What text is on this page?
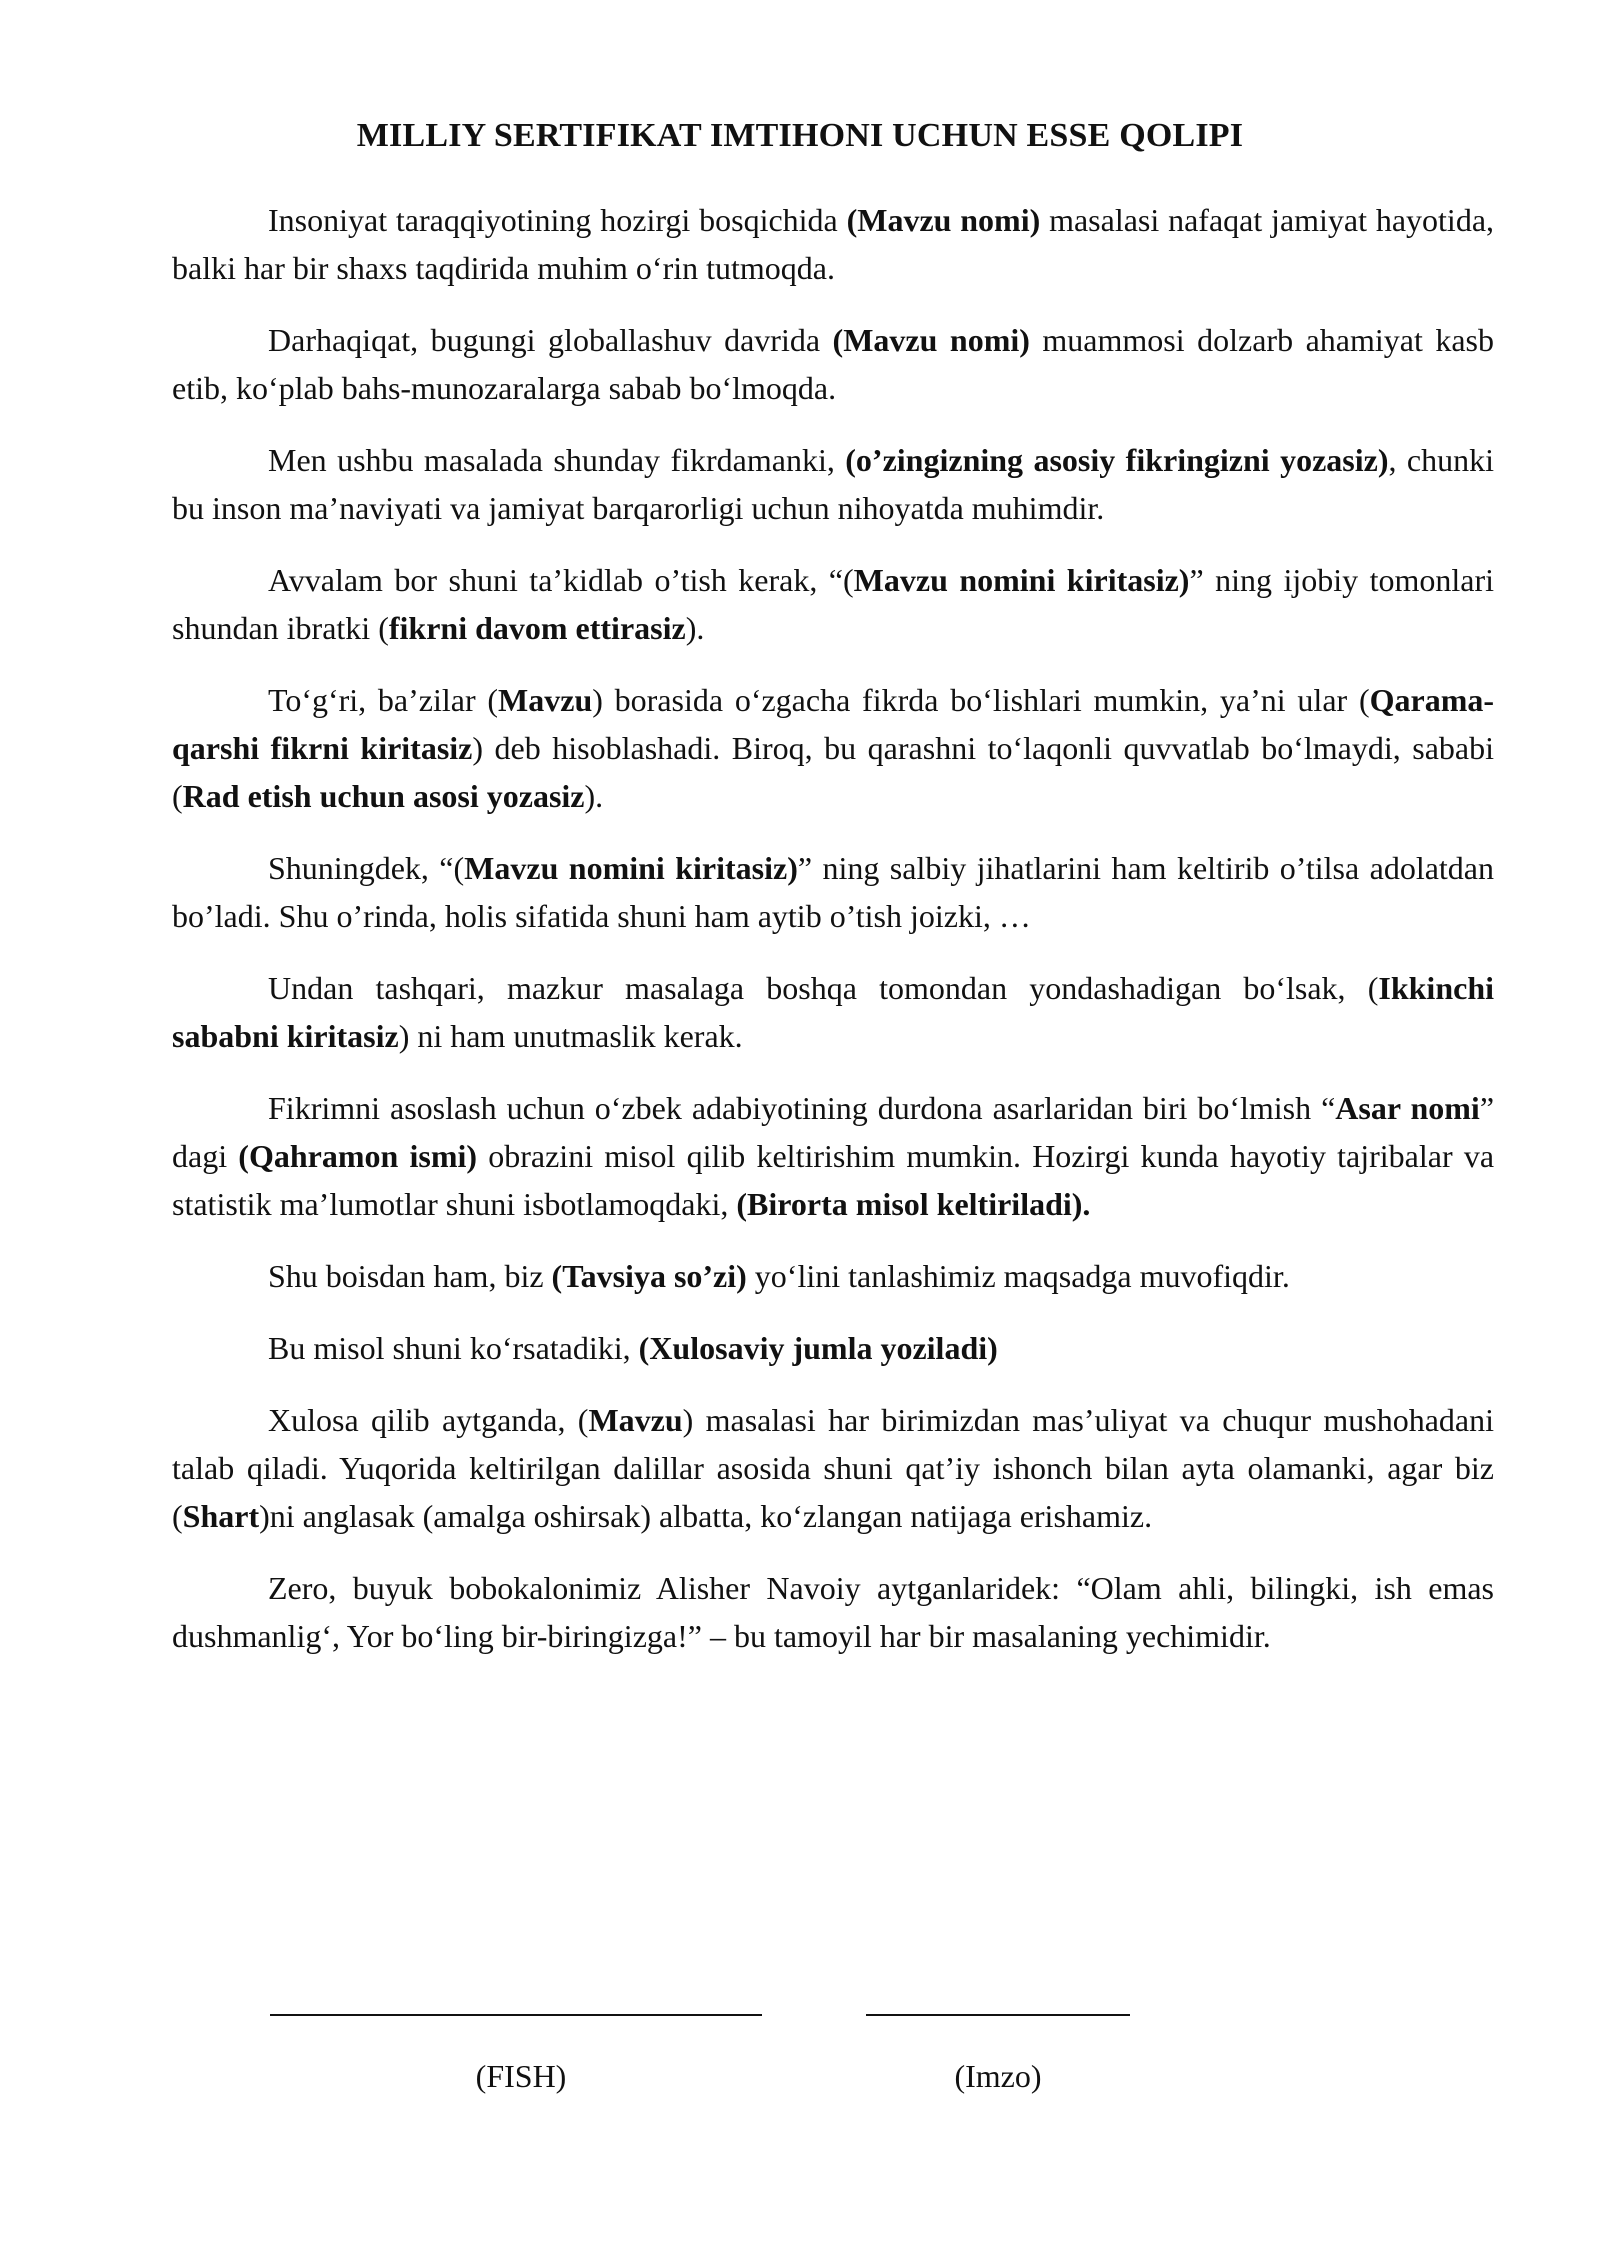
MILLIY SERTIFIKAT IMTIHONI UCHUN ESSE QOLIPI

Insoniyat taraqqiyotining hozirgi bosqichida (Mavzu nomi) masalasi nafaqat jamiyat hayotida, balki har bir shaxs taqdirida muhim o‘rin tutmoqda.

Darhaqiqat, bugungi globallashuv davrida (Mavzu nomi) muammosi dolzarb ahamiyat kasb etib, ko‘plab bahs-munozaralarga sabab bo‘lmoqda.

Men ushbu masalada shunday fikrdamanki, (o’zingizning asosiy fikringizni yozasiz), chunki bu inson ma’naviyati va jamiyat barqarorligi uchun nihoyatda muhimdir.

Avvalam bor shuni ta’kidlab o’tish kerak, “(Mavzu nomini kiritasiz)” ning ijobiy tomonlari shundan ibratki (fikrni davom ettirasiz).

To‘g‘ri, ba’zilar (Mavzu) borasida o‘zgacha fikrda bo‘lishlari mumkin, ya’ni ular (Qarama-qarshi fikrni kiritasiz) deb hisoblashadi. Biroq, bu qarashni to‘laqonli quvvatlab bo‘lmaydi, sababi (Rad etish uchun asosi yozasiz).

Shuningdek, “(Mavzu nomini kiritasiz)” ning salbiy jihatlarini ham keltirib o’tilsa adolatdan bo’ladi. Shu o’rinda, holis sifatida shuni ham aytib o’tish joizki, …

Undan tashqari, mazkur masalaga boshqa tomondan yondashadigan bo‘lsak, (Ikkinchi sababni kiritasiz) ni ham unutmaslik kerak.

Fikrimni asoslash uchun o‘zbek adabiyotining durdona asarlaridan biri bo‘lmish “Asar nomi” dagi (Qahramon ismi) obrazini misol qilib keltirishim mumkin. Hozirgi kunda hayotiy tajribalar va statistik ma’lumotlar shuni isbotlamoqdaki, (Birorta misol keltiriladi).

Shu boisdan ham, biz (Tavsiya so’zi) yo‘lini tanlashimiz maqsadga muvofiqdir.

Bu misol shuni ko‘rsatadiki, (Xulosaviy jumla yoziladi)

Xulosa qilib aytganda, (Mavzu) masalasi har birimizdan mas’uliyat va chuqur mushohadani talab qiladi. Yuqorida keltirilgan dalillar asosida shuni qat’iy ishonch bilan ayta olamanki, agar biz (Shart)ni anglasak (amalga oshirsak) albatta, ko‘zlangan natijaga erishamiz.

Zero, buyuk bobokalonimiz Alisher Navoiy aytganlaridek: “Olam ahli, bilingki, ish emas dushmanlig‘, Yor bo‘ling bir-biringizga!” – bu tamoyil har bir masalaning yechimidir.

(FISH)	(Imzo)
